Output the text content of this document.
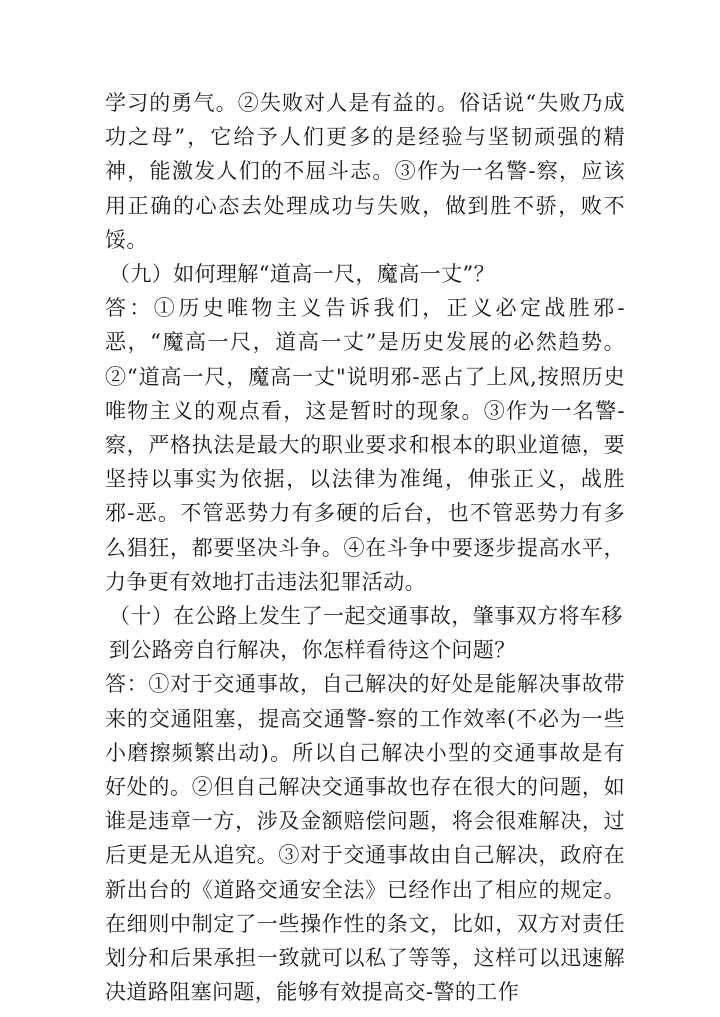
学习的勇气。②失败对人是有益的。俗话说“失败乃成功之母”，它给予人们更多的是经验与坚韧顽强的精神，能激发人们的不屈斗志。③作为一名警-察，应该用正确的心态去处理成功与失败，做到胜不骄，败不馁。

（九）如何理解“道高一尺，魔高一丈”？

答：①历史唯物主义告诉我们，正义必定战胜邪-恶，“魔高一尺，道高一丈”是历史发展的必然趋势。②“道高一尺，魔高一丈"说明邪-恶占了上风,按照历史唯物主义的观点看，这是暂时的现象。③作为一名警-察，严格执法是最大的职业要求和根本的职业道德，要坚持以事实为依据，以法律为准绳，伸张正义，战胜邪-恶。不管恶势力有多硬的后台，也不管恶势力有多么猖狂，都要坚决斗争。④在斗争中要逐步提高水平，力争更有效地打击违法犯罪活动。

（十）在公路上发生了一起交通事故，肇事双方将车移到公路旁自行解决，你怎样看待这个问题？

答：①对于交通事故，自己解决的好处是能解决事故带来的交通阻塞，提高交通警-察的工作效率(不必为一些小磨擦频繁出动)。所以自己解决小型的交通事故是有好处的。②但自己解决交通事故也存在很大的问题，如谁是违章一方，涉及金额赔偿问题，将会很难解决，过后更是无从追究。③对于交通事故由自己解决，政府在新出台的《道路交通安全法》已经作出了相应的规定。在细则中制定了一些操作性的条文，比如，双方对责任划分和后果承担一致就可以私了等等，这样可以迅速解决道路阻塞问题，能够有效提高交-警的工作
